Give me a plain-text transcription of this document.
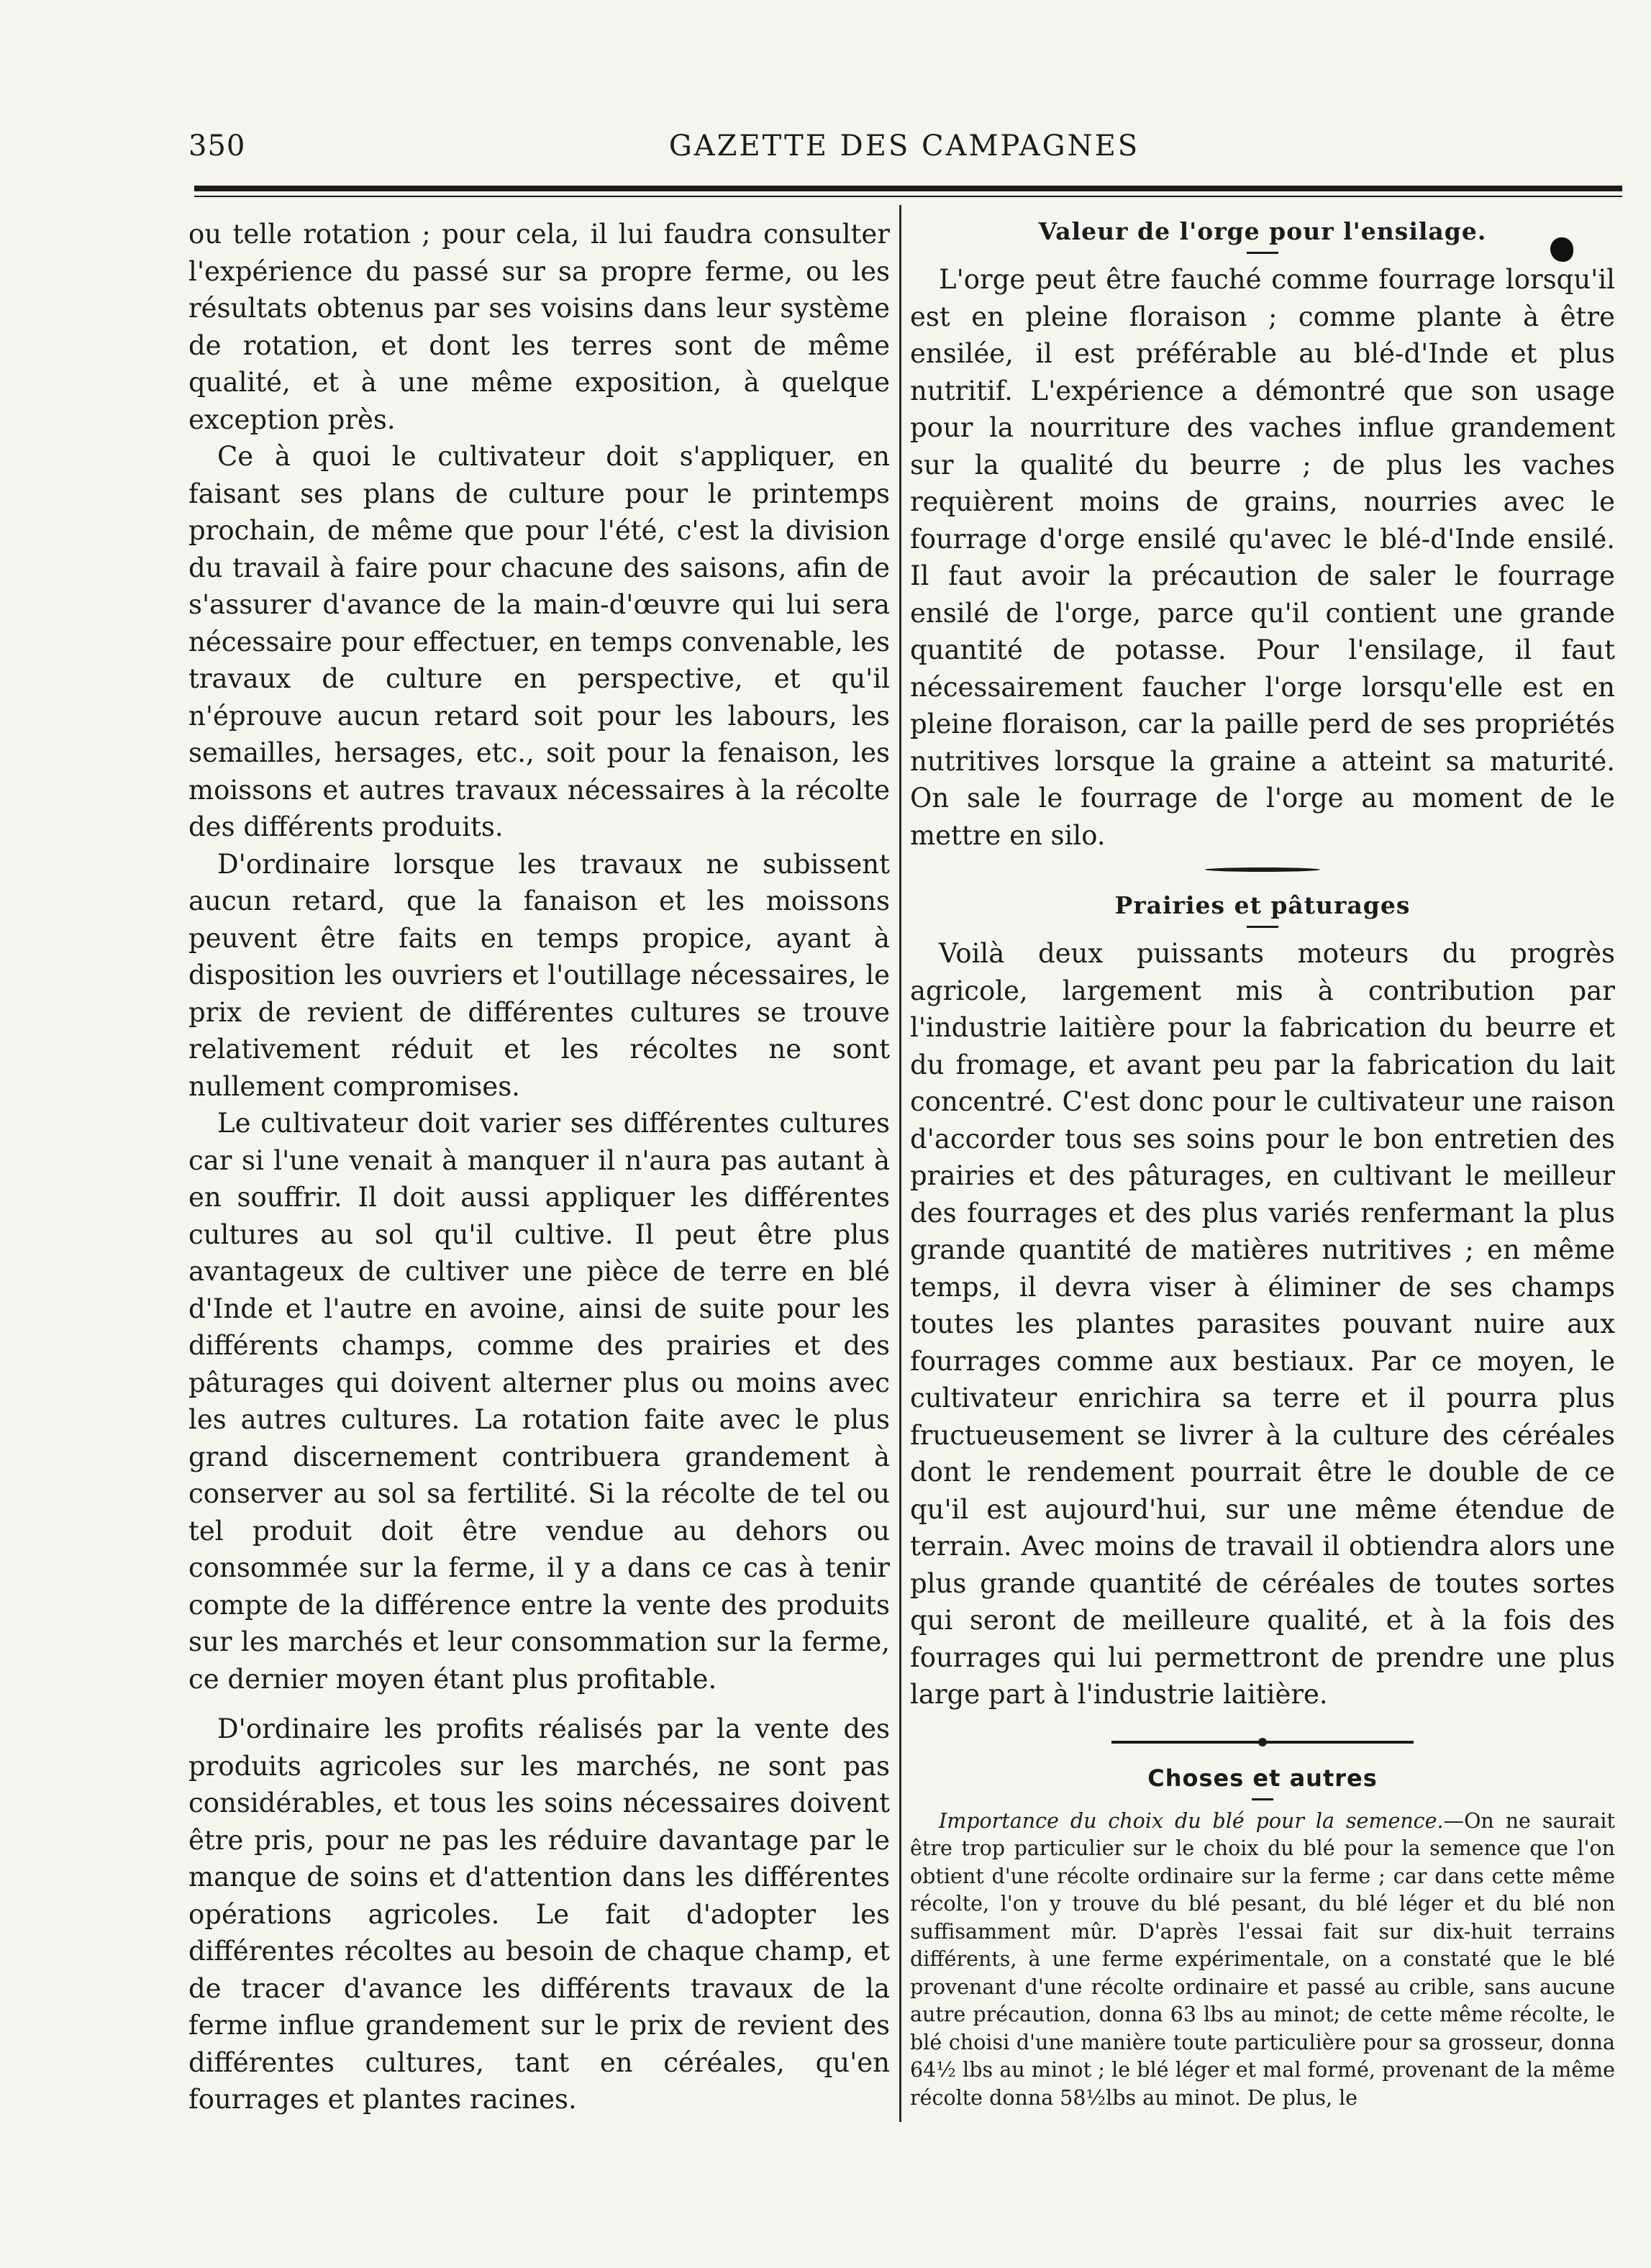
350	GAZETTE DES CAMPAGNES

ou telle rotation ; pour cela, il lui faudra consulter l'expérience du passé sur sa propre ferme, ou les résultats obtenus par ses voisins dans leur système de rotation, et dont les terres sont de même qualité, et à une même exposition, à quelque exception près.

Ce à quoi le cultivateur doit s'appliquer, en faisant ses plans de culture pour le printemps prochain, de même que pour l'été, c'est la division du travail à faire pour chacune des saisons, afin de s'assurer d'avance de la main-d'œuvre qui lui sera nécessaire pour effectuer, en temps convenable, les travaux de culture en perspective, et qu'il n'éprouve aucun retard soit pour les labours, les semailles, hersages, etc., soit pour la fenaison, les moissons et autres travaux nécessaires à la récolte des différents produits.

D'ordinaire lorsque les travaux ne subissent aucun retard, que la fanaison et les moissons peuvent être faits en temps propice, ayant à disposition les ouvriers et l'outillage nécessaires, le prix de revient de différentes cultures se trouve relativement réduit et les récoltes ne sont nullement compromises.

Le cultivateur doit varier ses différentes cultures car si l'une venait à manquer il n'aura pas autant à en souffrir. Il doit aussi appliquer les différentes cultures au sol qu'il cultive. Il peut être plus avantageux de cultiver une pièce de terre en blé d'Inde et l'autre en avoine, ainsi de suite pour les différents champs, comme des prairies et des pâturages qui doivent alterner plus ou moins avec les autres cultures. La rotation faite avec le plus grand discernement contribuera grandement à conserver au sol sa fertilité. Si la récolte de tel ou tel produit doit être vendue au dehors ou consommée sur la ferme, il y a dans ce cas à tenir compte de la différence entre la vente des produits sur les marchés et leur consommation sur la ferme, ce dernier moyen étant plus profitable.

D'ordinaire les profits réalisés par la vente des produits agricoles sur les marchés, ne sont pas considérables, et tous les soins nécessaires doivent être pris, pour ne pas les réduire davantage par le manque de soins et d'attention dans les différentes opérations agricoles. Le fait d'adopter les différentes récoltes au besoin de chaque champ, et de tracer d'avance les différents travaux de la ferme influe grandement sur le prix de revient des différentes cultures, tant en céréales, qu'en fourrages et plantes racines.

Valeur de l'orge pour l'ensilage.

L'orge peut être fauché comme fourrage lorsqu'il est en pleine floraison ; comme plante à être ensilée, il est préférable au blé-d'Inde et plus nutritif. L'expérience a démontré que son usage pour la nourriture des vaches influe grandement sur la qualité du beurre ; de plus les vaches requièrent moins de grains, nourries avec le fourrage d'orge ensilé qu'avec le blé-d'Inde ensilé. Il faut avoir la précaution de saler le fourrage ensilé de l'orge, parce qu'il contient une grande quantité de potasse. Pour l'ensilage, il faut nécessairement faucher l'orge lorsqu'elle est en pleine floraison, car la paille perd de ses propriétés nutritives lorsque la graine a atteint sa maturité. On sale le fourrage de l'orge au moment de le mettre en silo.

Prairies et pâturages

Voilà deux puissants moteurs du progrès agricole, largement mis à contribution par l'industrie laitière pour la fabrication du beurre et du fromage, et avant peu par la fabrication du lait concentré. C'est donc pour le cultivateur une raison d'accorder tous ses soins pour le bon entretien des prairies et des pâturages, en cultivant le meilleur des fourrages et des plus variés renfermant la plus grande quantité de matières nutritives ; en même temps, il devra viser à éliminer de ses champs toutes les plantes parasites pouvant nuire aux fourrages comme aux bestiaux. Par ce moyen, le cultivateur enrichira sa terre et il pourra plus fructueusement se livrer à la culture des céréales dont le rendement pourrait être le double de ce qu'il est aujourd'hui, sur une même étendue de terrain. Avec moins de travail il obtiendra alors une plus grande quantité de céréales de toutes sortes qui seront de meilleure qualité, et à la fois des fourrages qui lui permettront de prendre une plus large part à l'industrie laitière.

Choses et autres

Importance du choix du blé pour la semence.—On ne saurait être trop particulier sur le choix du blé pour la semence que l'on obtient d'une récolte ordinaire sur la ferme ; car dans cette même récolte, l'on y trouve du blé pesant, du blé léger et du blé non suffisamment mûr. D'après l'essai fait sur dix-huit terrains différents, à une ferme expérimentale, on a constaté que le blé provenant d'une récolte ordinaire et passé au crible, sans aucune autre précaution, donna 63 lbs au minot; de cette même récolte, le blé choisi d'une manière toute particulière pour sa grosseur, donna 64½ lbs au minot ; le blé léger et mal formé, provenant de la même récolte donna 58½lbs au minot. De plus, le
